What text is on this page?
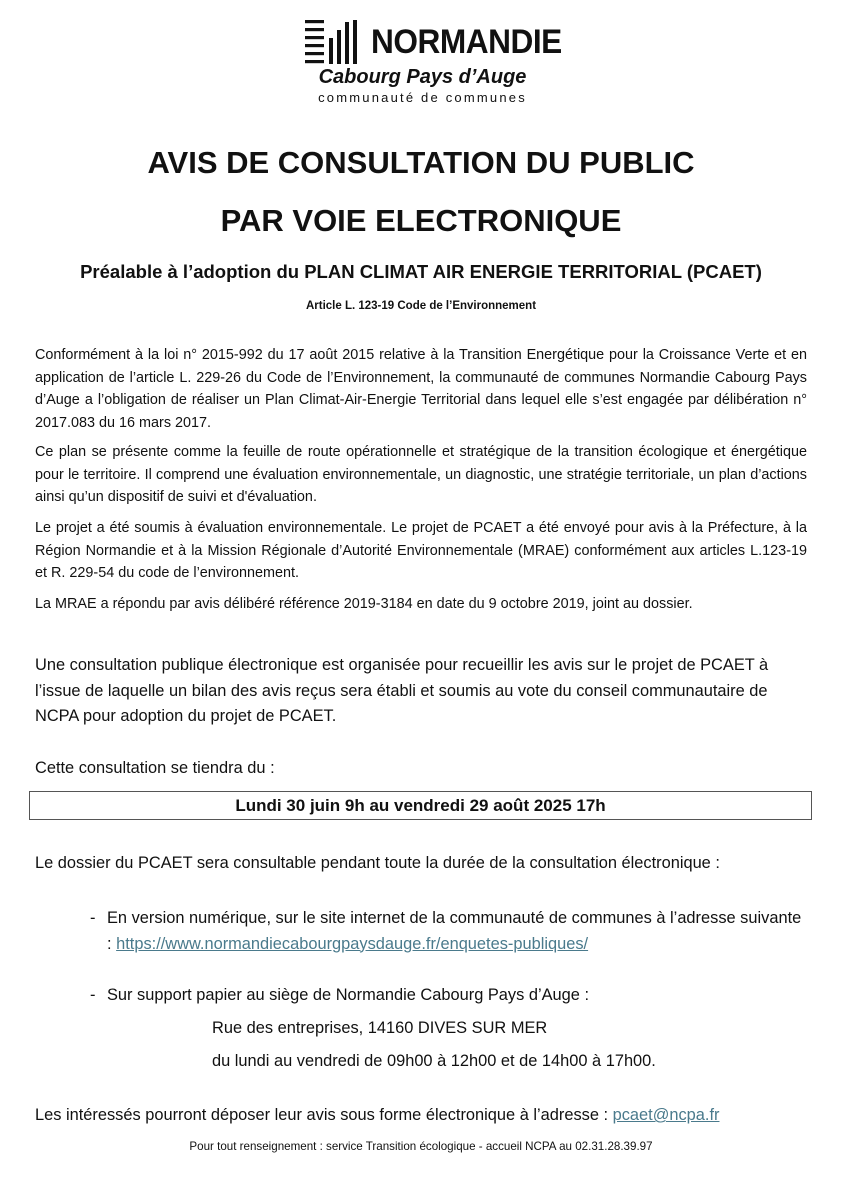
NORMANDIE
Cabourg Pays d’Auge
communauté de communes
AVIS DE CONSULTATION DU PUBLIC
PAR VOIE ELECTRONIQUE
Préalable à l’adoption du PLAN CLIMAT AIR ENERGIE TERRITORIAL (PCAET)
Article L. 123-19 Code de l’Environnement

Conformément à la loi n° 2015-992 du 17 août 2015 relative à la Transition Energétique pour la Croissance Verte et en application de l’article L. 229-26 du Code de l’Environnement, la communauté de communes Normandie Cabourg Pays d’Auge a l’obligation de réaliser un Plan Climat-Air-Energie Territorial dans lequel elle s’est engagée par délibération n° 2017.083 du 16 mars 2017.

Ce plan se présente comme la feuille de route opérationnelle et stratégique de la transition écologique et énergétique pour le territoire. Il comprend une évaluation environnementale, un diagnostic, une stratégie territoriale, un plan d’actions ainsi qu’un dispositif de suivi et d'évaluation.

Le projet a été soumis à évaluation environnementale. Le projet de PCAET a été envoyé pour avis à la Préfecture, à la Région Normandie et à la Mission Régionale d’Autorité Environnementale (MRAE) conformément aux articles L.123-19 et R. 229-54 du code de l’environnement.

La MRAE a répondu par avis délibéré référence 2019-3184 en date du 9 octobre 2019, joint au dossier.

Une consultation publique électronique est organisée pour recueillir les avis sur le projet de PCAET à l’issue de laquelle un bilan des avis reçus sera établi et soumis au vote du conseil communautaire de NCPA pour adoption du projet de PCAET.

Cette consultation se tiendra du :

Lundi 30 juin 9h au vendredi 29 août 2025 17h

Le dossier du PCAET sera consultable pendant toute la durée de la consultation électronique :

- En version numérique, sur le site internet de la communauté de communes à l’adresse suivante : https://www.normandiecabourgpaysdauge.fr/enquetes-publiques/
- Sur support papier au siège de Normandie Cabourg Pays d’Auge :
Rue des entreprises, 14160 DIVES SUR MER
du lundi au vendredi de 09h00 à 12h00 et de 14h00 à 17h00.

Les intéressés pourront déposer leur avis sous forme électronique à l’adresse : pcaet@ncpa.fr

Pour tout renseignement : service Transition écologique - accueil NCPA au 02.31.28.39.97
